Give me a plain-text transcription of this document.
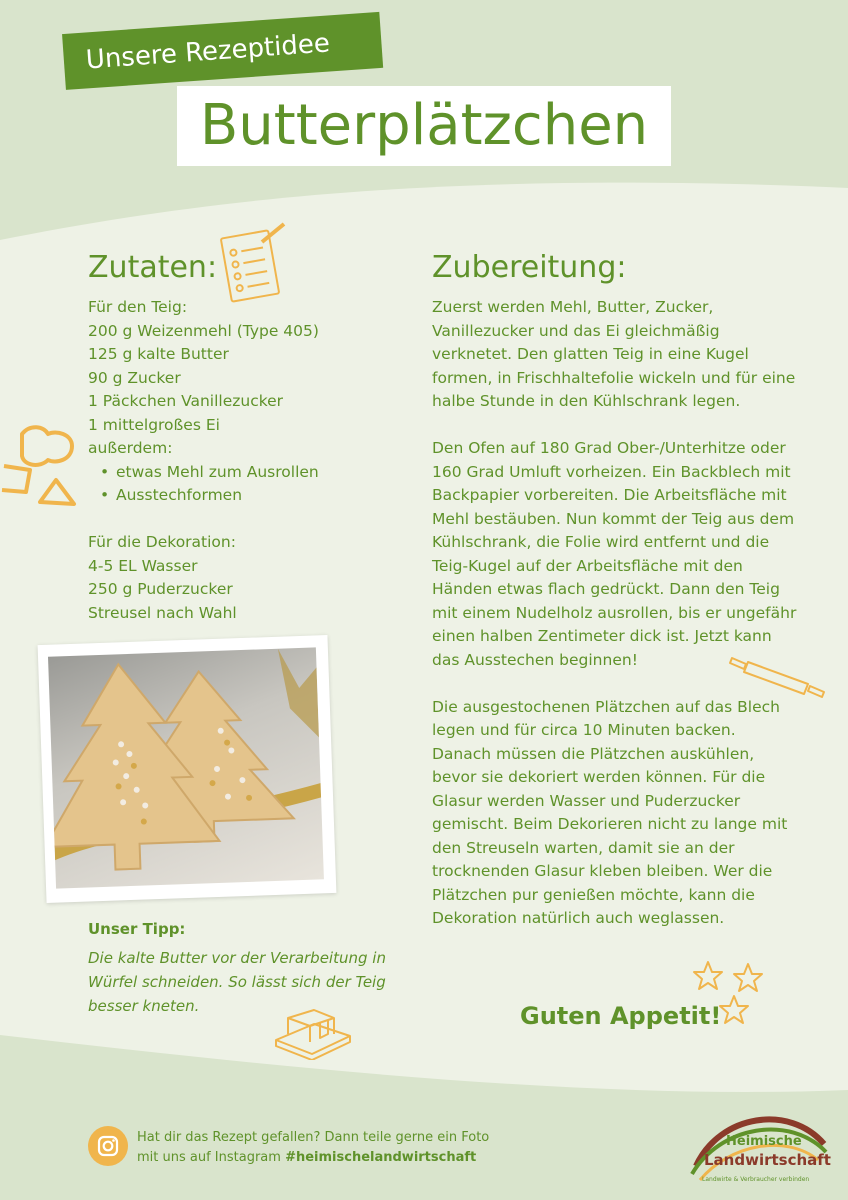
Unsere Rezeptidee
Butterplätzchen
Zutaten:

Für den Teig:

200 g Weizenmehl (Type 405)

125 g kalte Butter

90 g Zucker

1 Päckchen Vanillezucker

1 mittelgroßes Ei

außerdem:

• etwas Mehl zum Ausrollen
• Ausstechformen

Für die Dekoration:

4-5 EL Wasser

250 g Puderzucker

Streusel nach Wahl

Unser Tipp:
Die kalte Butter vor der Verarbeitung in Würfel schneiden. So lässt sich der Teig besser kneten.
Zubereitung:

Zuerst werden Mehl, Butter, Zucker, Vanillezucker und das Ei gleichmäßig verknetet. Den glatten Teig in eine Kugel formen, in Frischhaltefolie wickeln und für eine halbe Stunde in den Kühlschrank legen.

Den Ofen auf 180 Grad Ober-/Unterhitze oder 160 Grad Umluft vorheizen. Ein Backblech mit Backpapier vorbereiten. Die Arbeitsfläche mit Mehl bestäuben. Nun kommt der Teig aus dem Kühlschrank, die Folie wird entfernt und die Teig-Kugel auf der Arbeitsfläche mit den Händen etwas flach gedrückt. Dann den Teig mit einem Nudelholz ausrollen, bis er ungefähr einen halben Zentimeter dick ist. Jetzt kann das Ausstechen beginnen!

Die ausgestochenen Plätzchen auf das Blech legen und für circa 10 Minuten backen. Danach müssen die Plätzchen auskühlen, bevor sie dekoriert werden können. Für die Glasur werden Wasser und Puderzucker gemischt. Beim Dekorieren nicht zu lange mit den Streuseln warten, damit sie an der trocknenden Glasur kleben bleiben. Wer die Plätzchen pur genießen möchte, kann die Dekoration natürlich auch weglassen.

Guten Appetit!
Hat dir das Rezept gefallen? Dann teile gerne ein Foto
mit uns auf Instagram #heimischelandwirtschaft
Heimische
Landwirtschaft
Landwirte & Verbraucher verbinden
